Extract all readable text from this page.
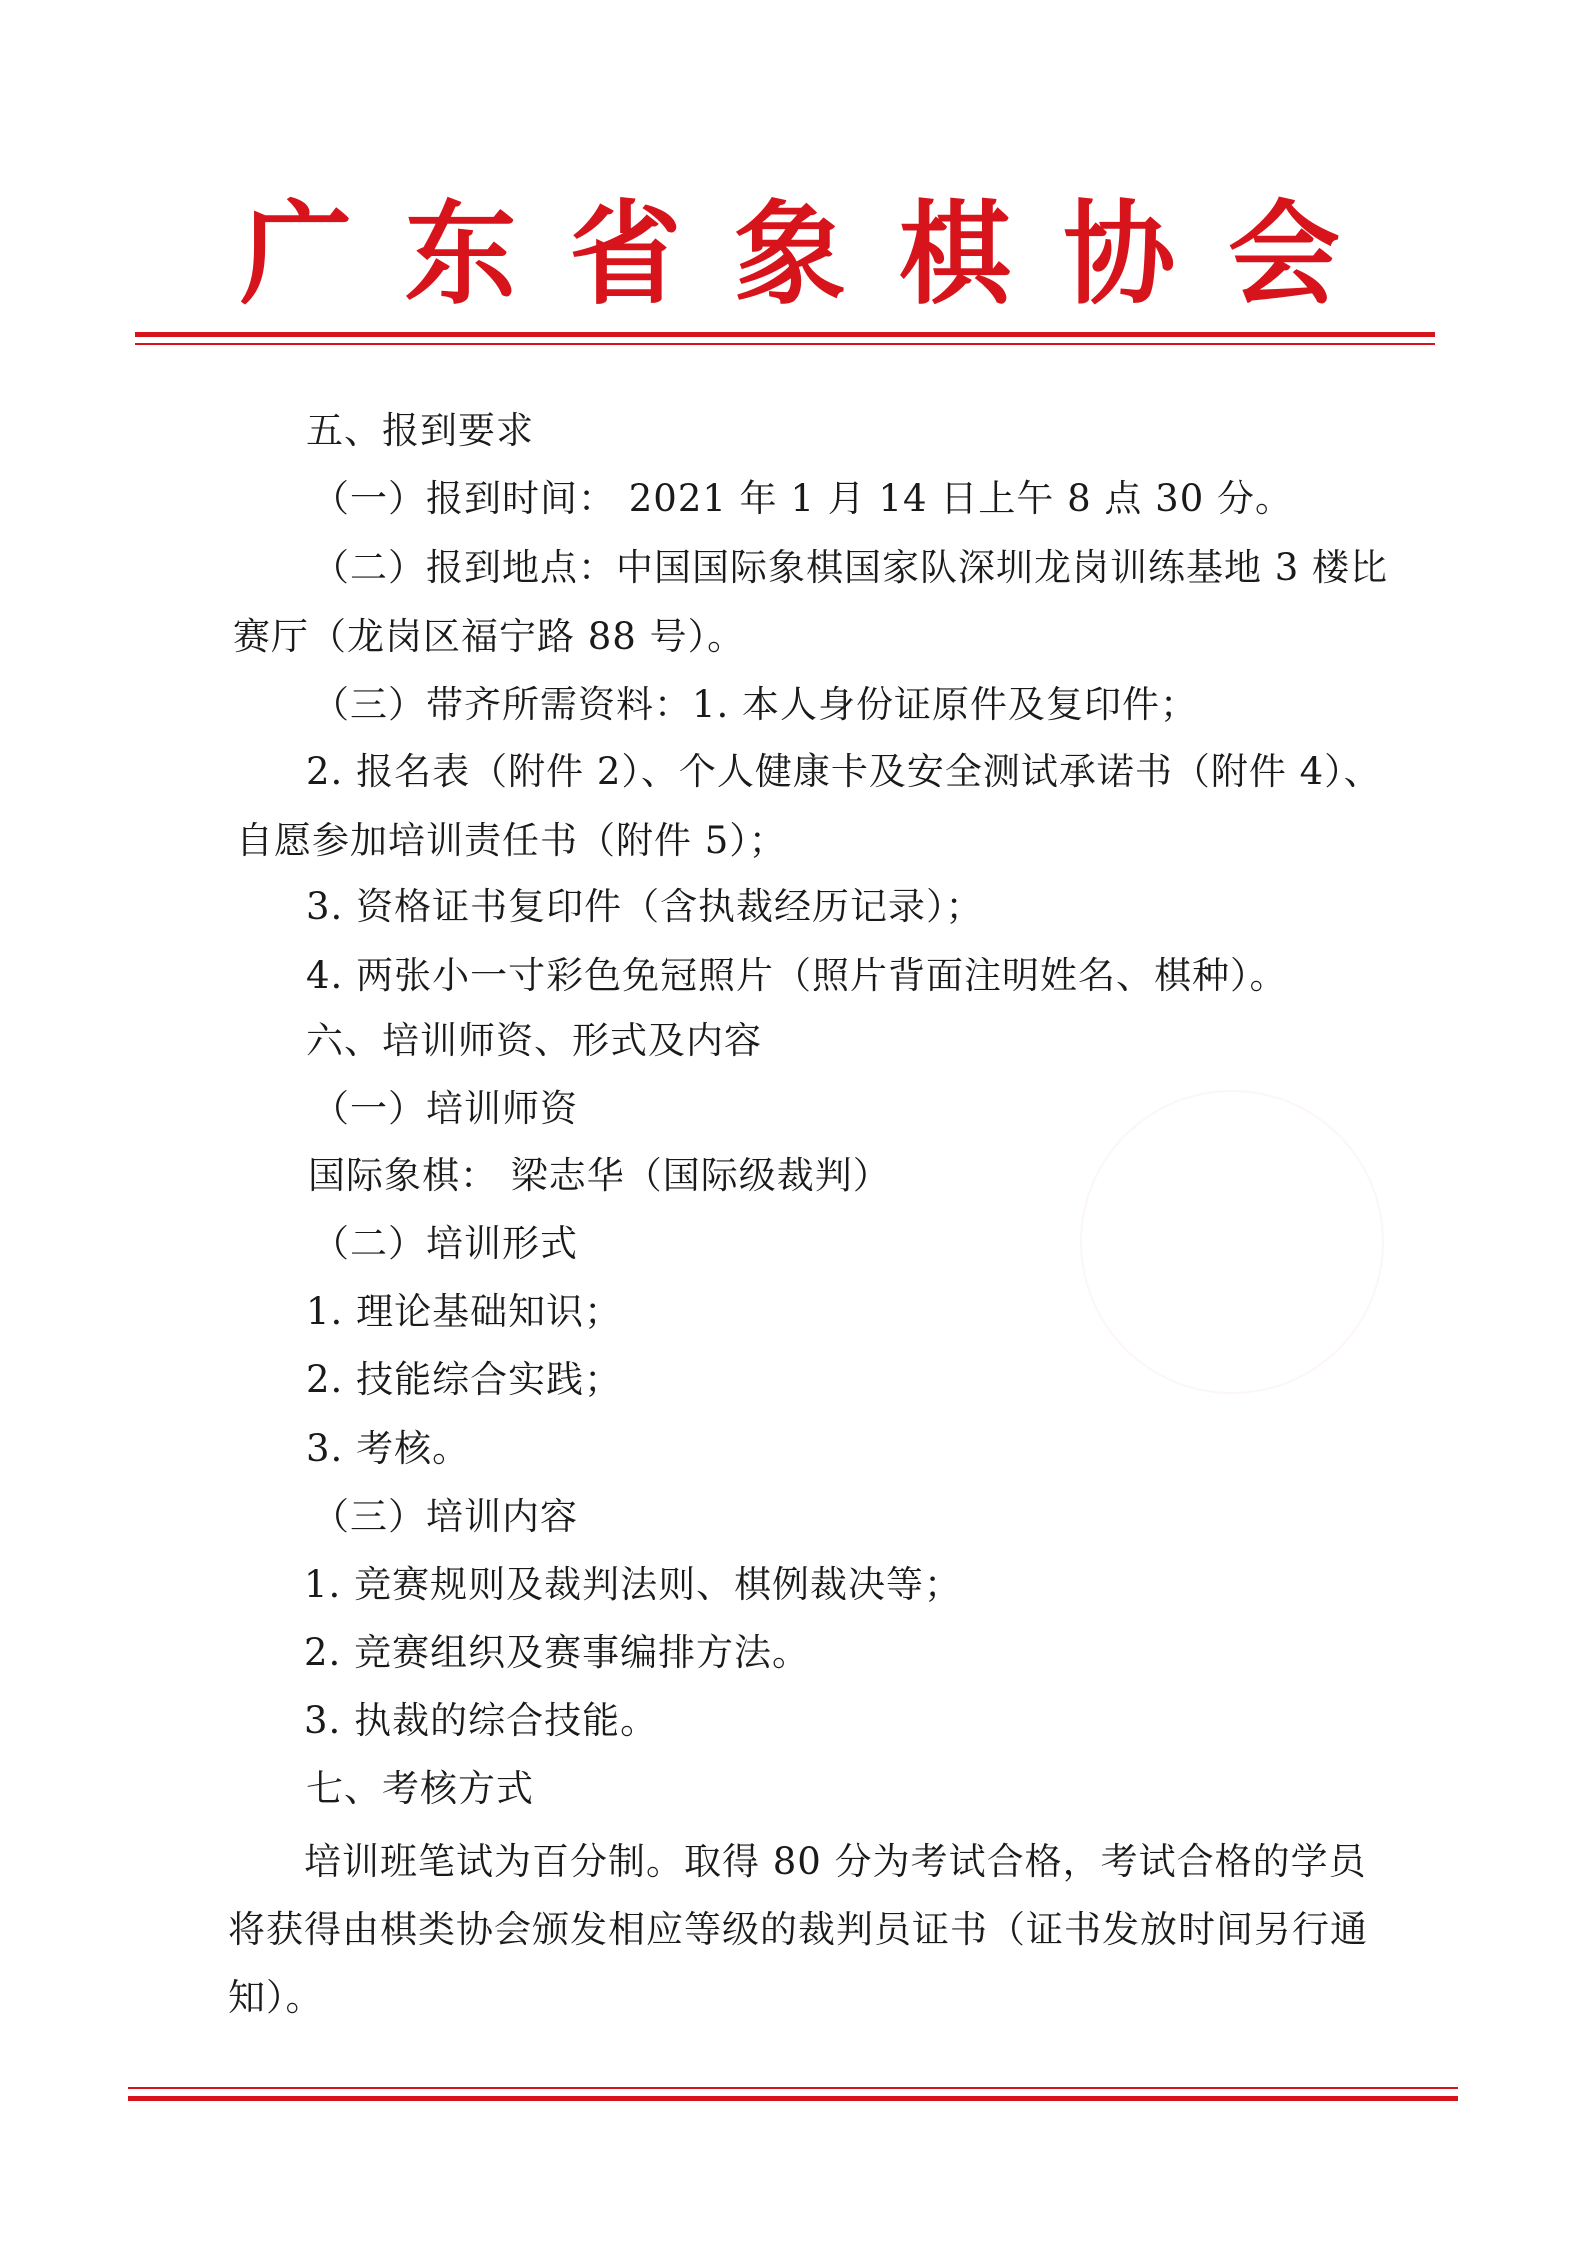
广 东 省 象 棋 协 会
五、报到要求
（一）报到时间： 2021 年 1 月 14 日上午 8 点 30 分。
（二）报到地点：中国国际象棋国家队深圳龙岗训练基地 3 楼比
赛厅（龙岗区福宁路 88 号）。
（三）带齐所需资料：1. 本人身份证原件及复印件；
2. 报名表（附件 2）、个人健康卡及安全测试承诺书（附件 4）、
自愿参加培训责任书（附件 5）；
3. 资格证书复印件（含执裁经历记录）；
4. 两张小一寸彩色免冠照片（照片背面注明姓名、棋种）。
六、培训师资、形式及内容
（一）培训师资
国际象棋： 梁志华（国际级裁判）
（二）培训形式
1. 理论基础知识；
2. 技能综合实践；
3. 考核。
（三）培训内容
1. 竞赛规则及裁判法则、棋例裁决等；
2. 竞赛组织及赛事编排方法。
3. 执裁的综合技能。
七、考核方式
培训班笔试为百分制。取得 80 分为考试合格，考试合格的学员
将获得由棋类协会颁发相应等级的裁判员证书（证书发放时间另行通
知）。
